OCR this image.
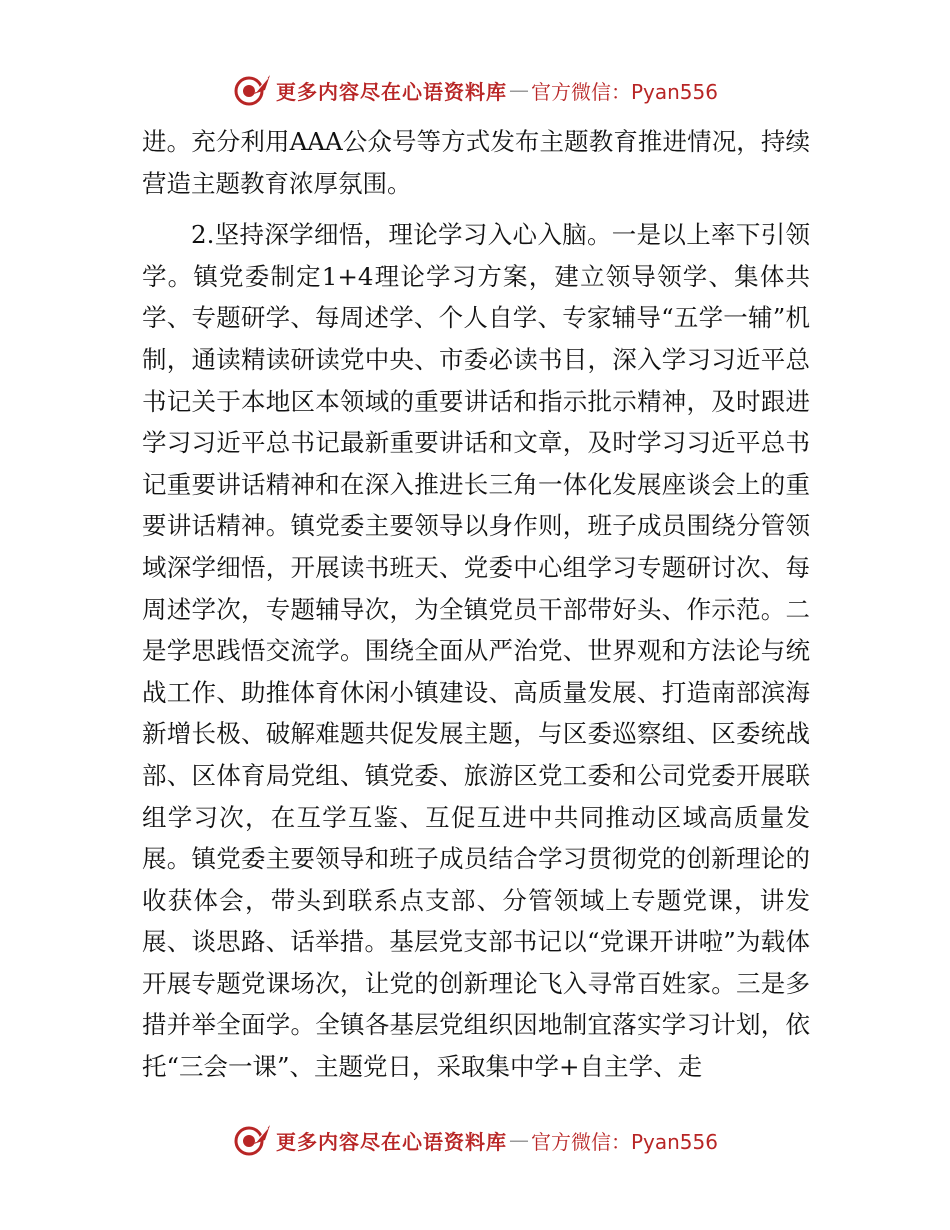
更多内容尽在心语资料库 — 官方微信：Pyan556

进。充分利用AAA公众号等方式发布主题教育推进情况，持续营造主题教育浓厚氛围。

2.坚持深学细悟，理论学习入心入脑。一是以上率下引领学。镇党委制定1+4理论学习方案，建立领导领学、集体共学、专题研学、每周述学、个人自学、专家辅导“五学一辅”机制，通读精读研读党中央、市委必读书目，深入学习习近平总书记关于本地区本领域的重要讲话和指示批示精神，及时跟进学习习近平总书记最新重要讲话和文章，及时学习习近平总书记重要讲话精神和在深入推进长三角一体化发展座谈会上的重要讲话精神。镇党委主要领导以身作则，班子成员围绕分管领域深学细悟，开展读书班天、党委中心组学习专题研讨次、每周述学次，专题辅导次，为全镇党员干部带好头、作示范。二是学思践悟交流学。围绕全面从严治党、世界观和方法论与统战工作、助推体育休闲小镇建设、高质量发展、打造南部滨海新增长极、破解难题共促发展主题，与区委巡察组、区委统战部、区体育局党组、镇党委、旅游区党工委和公司党委开展联组学习次，在互学互鉴、互促互进中共同推动区域高质量发展。镇党委主要领导和班子成员结合学习贯彻党的创新理论的收获体会，带头到联系点支部、分管领域上专题党课，讲发展、谈思路、话举措。基层党支部书记以“党课开讲啦”为载体开展专题党课场次，让党的创新理论飞入寻常百姓家。三是多措并举全面学。全镇各基层党组织因地制宜落实学习计划，依托“三会一课”、主题党日，采取集中学+自主学、走

更多内容尽在心语资料库 — 官方微信：Pyan556
